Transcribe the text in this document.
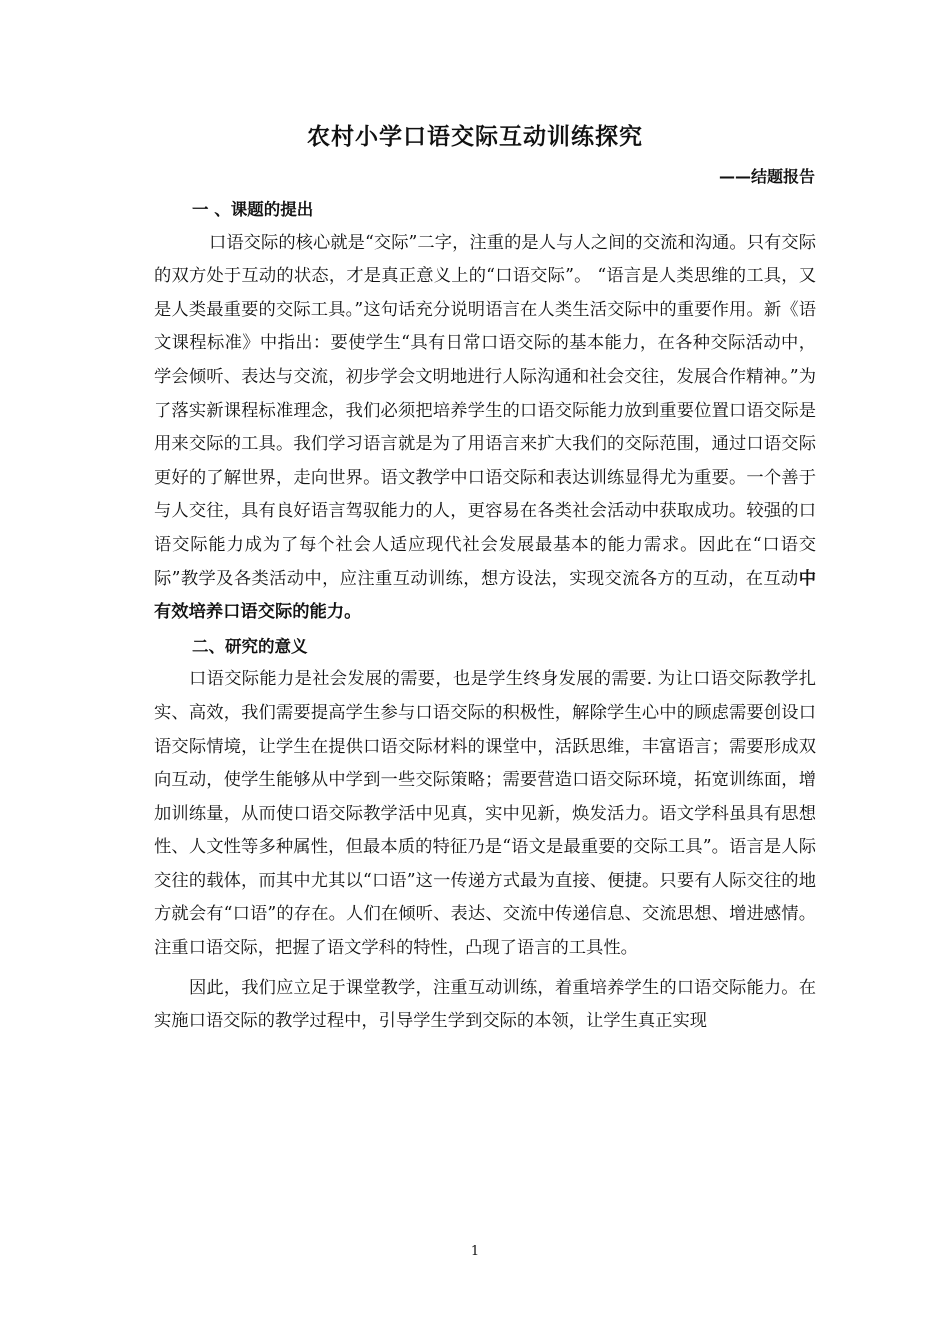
农村小学口语交际互动训练探究

——结题报告

一 、课题的提出

口语交际的核心就是“交际”二字，注重的是人与人之间的交流和沟通。只有交际的双方处于互动的状态，才是真正意义上的“口语交际”。 “语言是人类思维的工具，又是人类最重要的交际工具。”这句话充分说明语言在人类生活交际中的重要作用。新《语文课程标准》中指出：要使学生“具有日常口语交际的基本能力，在各种交际活动中，学会倾听、表达与交流，初步学会文明地进行人际沟通和社会交往，发展合作精神。”为了落实新课程标准理念，我们必须把培养学生的口语交际能力放到重要位置口语交际是用来交际的工具。我们学习语言就是为了用语言来扩大我们的交际范围，通过口语交际更好的了解世界，走向世界。语文教学中口语交际和表达训练显得尤为重要。一个善于与人交往，具有良好语言驾驭能力的人，更容易在各类社会活动中获取成功。较强的口语交际能力成为了每个社会人适应现代社会发展最基本的能力需求。因此在“口语交际”教学及各类活动中，应注重互动训练，想方设法，实现交流各方的互动，在互动中有效培养口语交际的能力。

二、研究的意义

口语交际能力是社会发展的需要，也是学生终身发展的需要. 为让口语交际教学扎实、高效，我们需要提高学生参与口语交际的积极性，解除学生心中的顾虑需要创设口语交际情境，让学生在提供口语交际材料的课堂中，活跃思维，丰富语言；需要形成双向互动，使学生能够从中学到一些交际策略；需要营造口语交际环境，拓宽训练面，增加训练量，从而使口语交际教学活中见真，实中见新，焕发活力。语文学科虽具有思想性、人文性等多种属性，但最本质的特征乃是“语文是最重要的交际工具”。语言是人际交往的载体，而其中尤其以“口语”这一传递方式最为直接、便捷。只要有人际交往的地方就会有“口语”的存在。人们在倾听、表达、交流中传递信息、交流思想、增进感情。注重口语交际，把握了语文学科的特性，凸现了语言的工具性。

因此，我们应立足于课堂教学，注重互动训练，着重培养学生的口语交际能力。在实施口语交际的教学过程中，引导学生学到交际的本领，让学生真正实现

1
